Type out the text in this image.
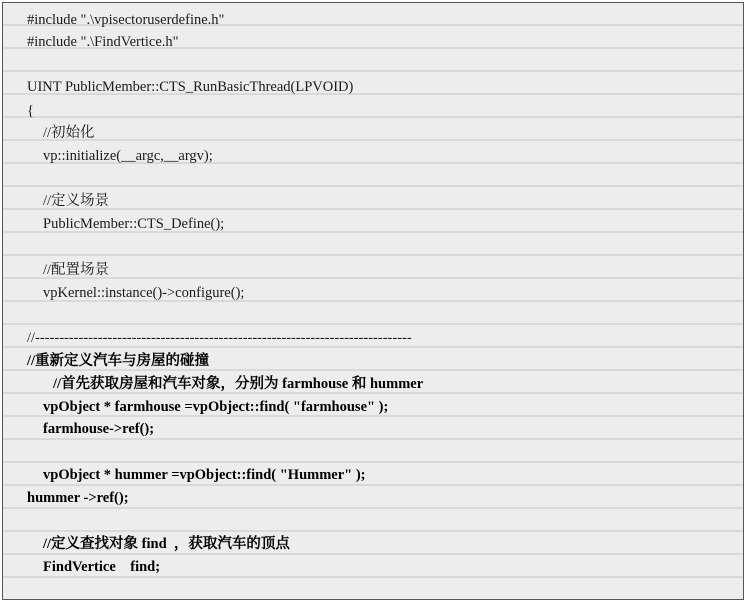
#include ".\vpisectoruserdefine.h"
#include ".\FindVertice.h"
UINT PublicMember::CTS_RunBasicThread(LPVOID)
{
//初始化
vp::initialize(__argc,__argv);
//定义场景
PublicMember::CTS_Define();
//配置场景
vpKernel::instance()->configure();
//------------------------------------------------------------------------------
//重新定义汽车与房屋的碰撞
//首先获取房屋和汽车对象，分别为 farmhouse 和 hummer
vpObject * farmhouse =vpObject::find( "farmhouse" );
farmhouse->ref();
vpObject * hummer =vpObject::find( "Hummer" );
hummer ->ref();
//定义查找对象 find  ，获取汽车的顶点
FindVertice    find;
